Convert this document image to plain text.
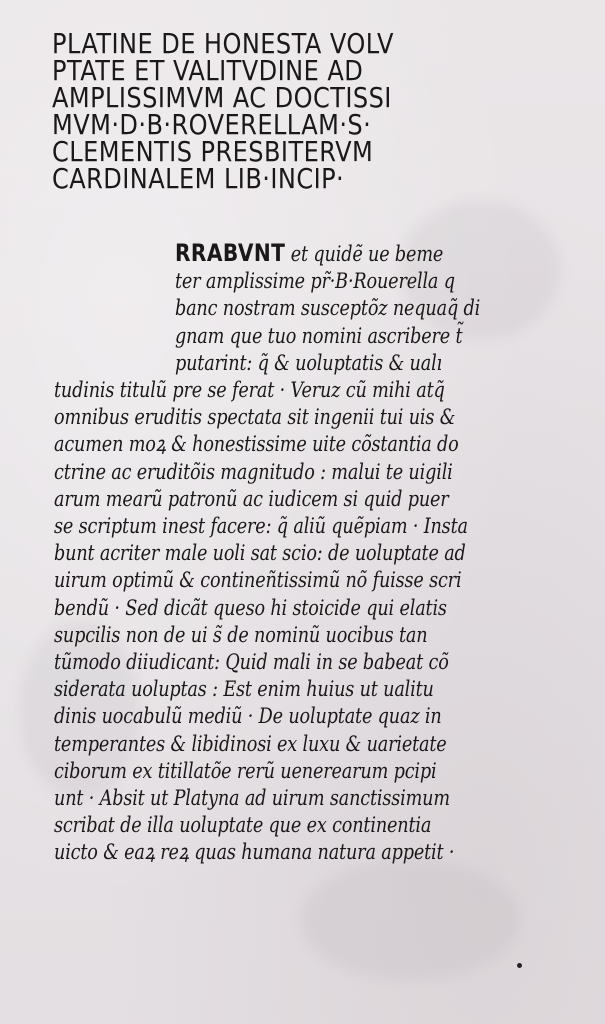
PLATINE DE HONESTA VOLV
PTATE ET VALITVDINE AD
AMPLISSIMVM AC DOCTISSI
MVM·D·B·ROVERELLAM·S·
CLEMENTIS PRESBITERVM
CARDINALEM LIB·INCIP·
RRABVNT et quidẽ ue beme
ter amplissime pr̃·B·Rouerella q
banc nostram susceptõz nequaq̃ di
gnam que tuo nomini ascribere t̃
putarint: q̃ & uoluptatis & ualı
tudinis titulũ pre se ferat · Veruz cũ mihi atq̃
omnibus eruditis spectata sit ingenii tui uis &
acumen moꝝ & honestissime uite cõstantia do
ctrine ac eruditõis magnitudo : malui te uigili
arum mearũ patronũ ac iudicem si quid puer
se scriptum inest facere: q̃ aliũ quẽpiam · Insta
bunt acriter male uoli sat scio: de uoluptate ad
uirum optimũ & contineñtissimũ nõ fuisse scri
bendũ · Sed dicãt queso hi stoicide qui elatis
supcilis non de ui s̃ de nominũ uocibus tan
tũmodo diiudicant: Quid mali in se babeat cõ
siderata uoluptas : Est enim huius ut ualitu
dinis uocabulũ mediũ · De uoluptate quaz in
temperantes & libidinosi ex luxu & uarietate
ciborum ex titillatõe rerũ uenerearum pcipi
unt · Absit ut Platyna ad uirum sanctissimum
scribat de illa uoluptate que ex continentia
uicto & eaꝝ reꝝ quas humana natura appetit ·
